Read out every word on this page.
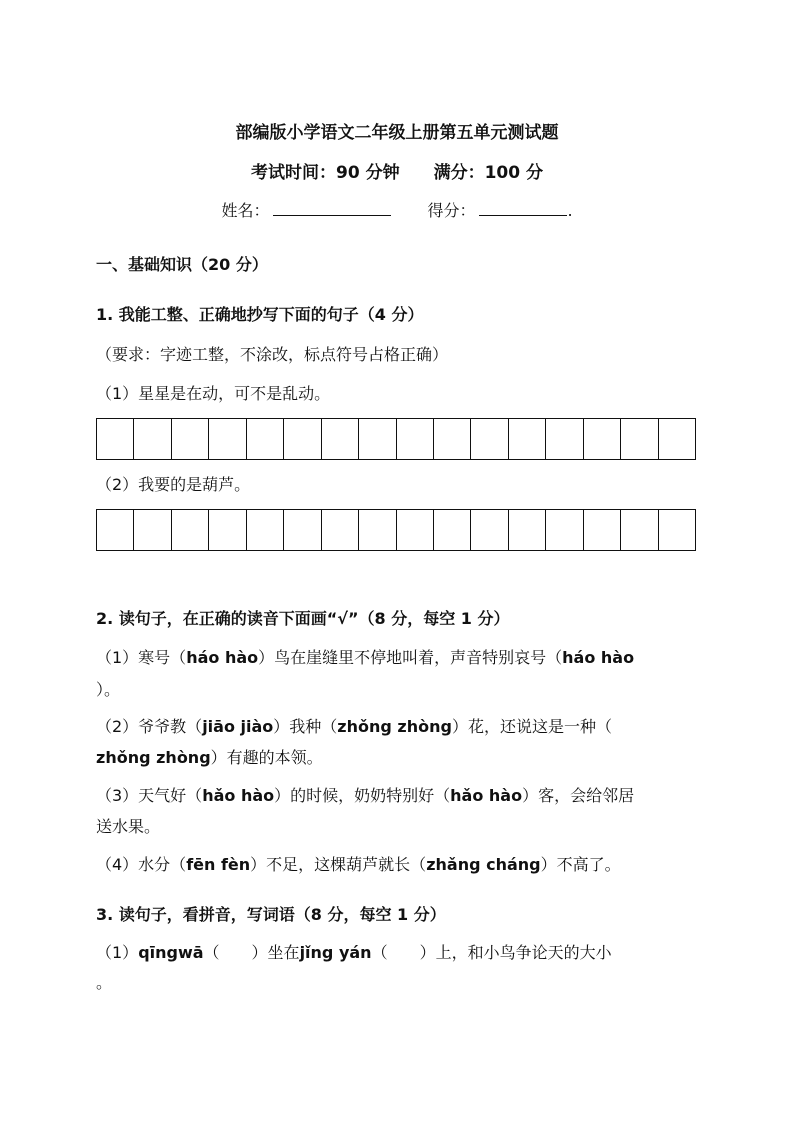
部编版小学语文二年级上册第五单元测试题
考试时间：90 分钟 满分：100 分
姓名：	得分：	.
一、基础知识（20 分）
1. 我能工整、正确地抄写下面的句子（4 分）
（要求：字迹工整，不涂改，标点符号占格正确）
（1）星星是在动，可不是乱动。
（2）我要的是葫芦。
2. 读句子，在正确的读音下面画“√”（8 分，每空 1 分）
（1）寒号（háo hào）鸟在崖缝里不停地叫着，声音特别哀号（háo hào
）。
（2）爷爷教（jiāo jiào）我种（zhǒng zhòng）花，还说这是一种（
zhǒng zhòng）有趣的本领。
（3）天气好（hǎo hào）的时候，奶奶特别好（hǎo hào）客，会给邻居
送水果。
（4）水分（fēn fèn）不足，这棵葫芦就长（zhǎng cháng）不高了。
3. 读句子，看拼音，写词语（8 分，每空 1 分）
（1）qīngwā（　　）坐在jǐng yán（　　）上，和小鸟争论天的大小
。
